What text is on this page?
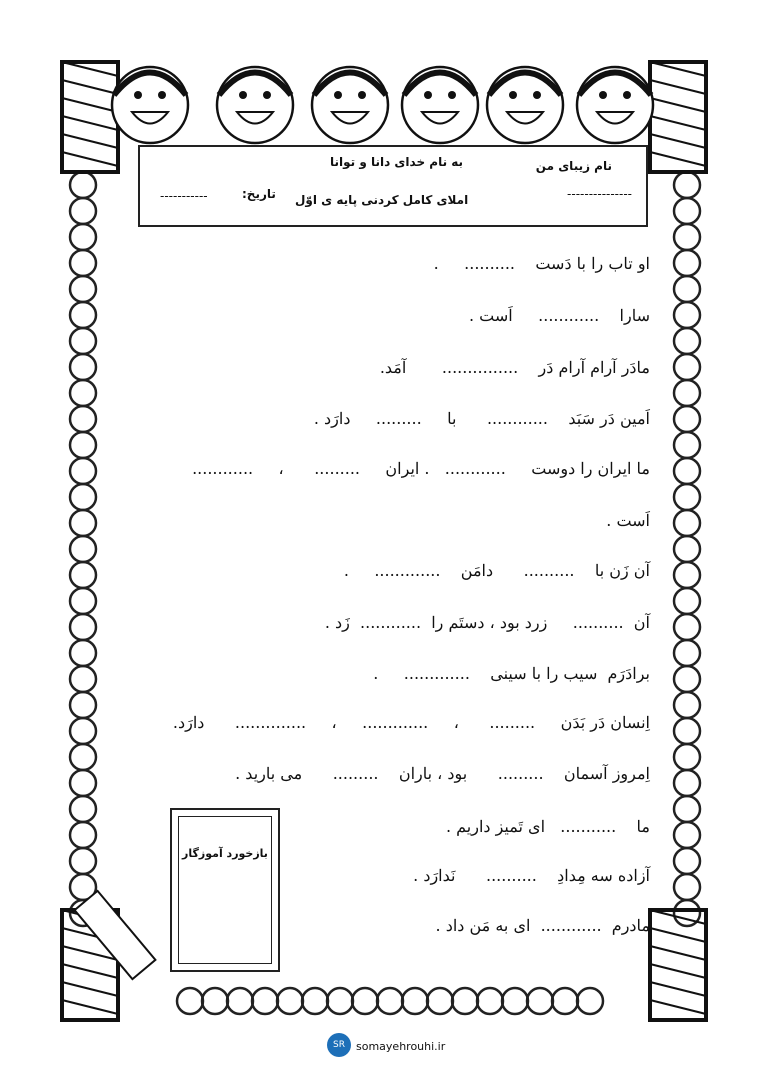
نام زیبای من
به نام خدای دانا و توانا
---------------
املای کامل کردنی پایه ی اوّل
تاریخ:
-----------
او تاب را با دَست    ..........     .
سارا    ............     اَست .
مادَر آرام آرام دَر    ...............       آمَد.
اَمین دَر سَبَد    ............      با     .........     دارَد .
ما ایران را دوست     ............   . ایران     .........      ،     ............
اَست .
آن زَن با    ..........      دامَن    .............     .
آن  ..........     زرد بود ، دستَم را  ............  زَد .
برادَرَم  سیب را با سینی    .............     .
اِنسان دَر بَدَن     .........      ،     .............     ،     ..............      دارَد.
اِمروز آسمان    .........      بود ، باران    .........      می بارید .
ما    ...........   ای تَمیز داریم .
آزاده سه مِدادِ    ..........      نَدارَد .
مادرم  ............  ای به مَن داد .
بازخورد آموزگار
SR	somayehrouhi.ir
